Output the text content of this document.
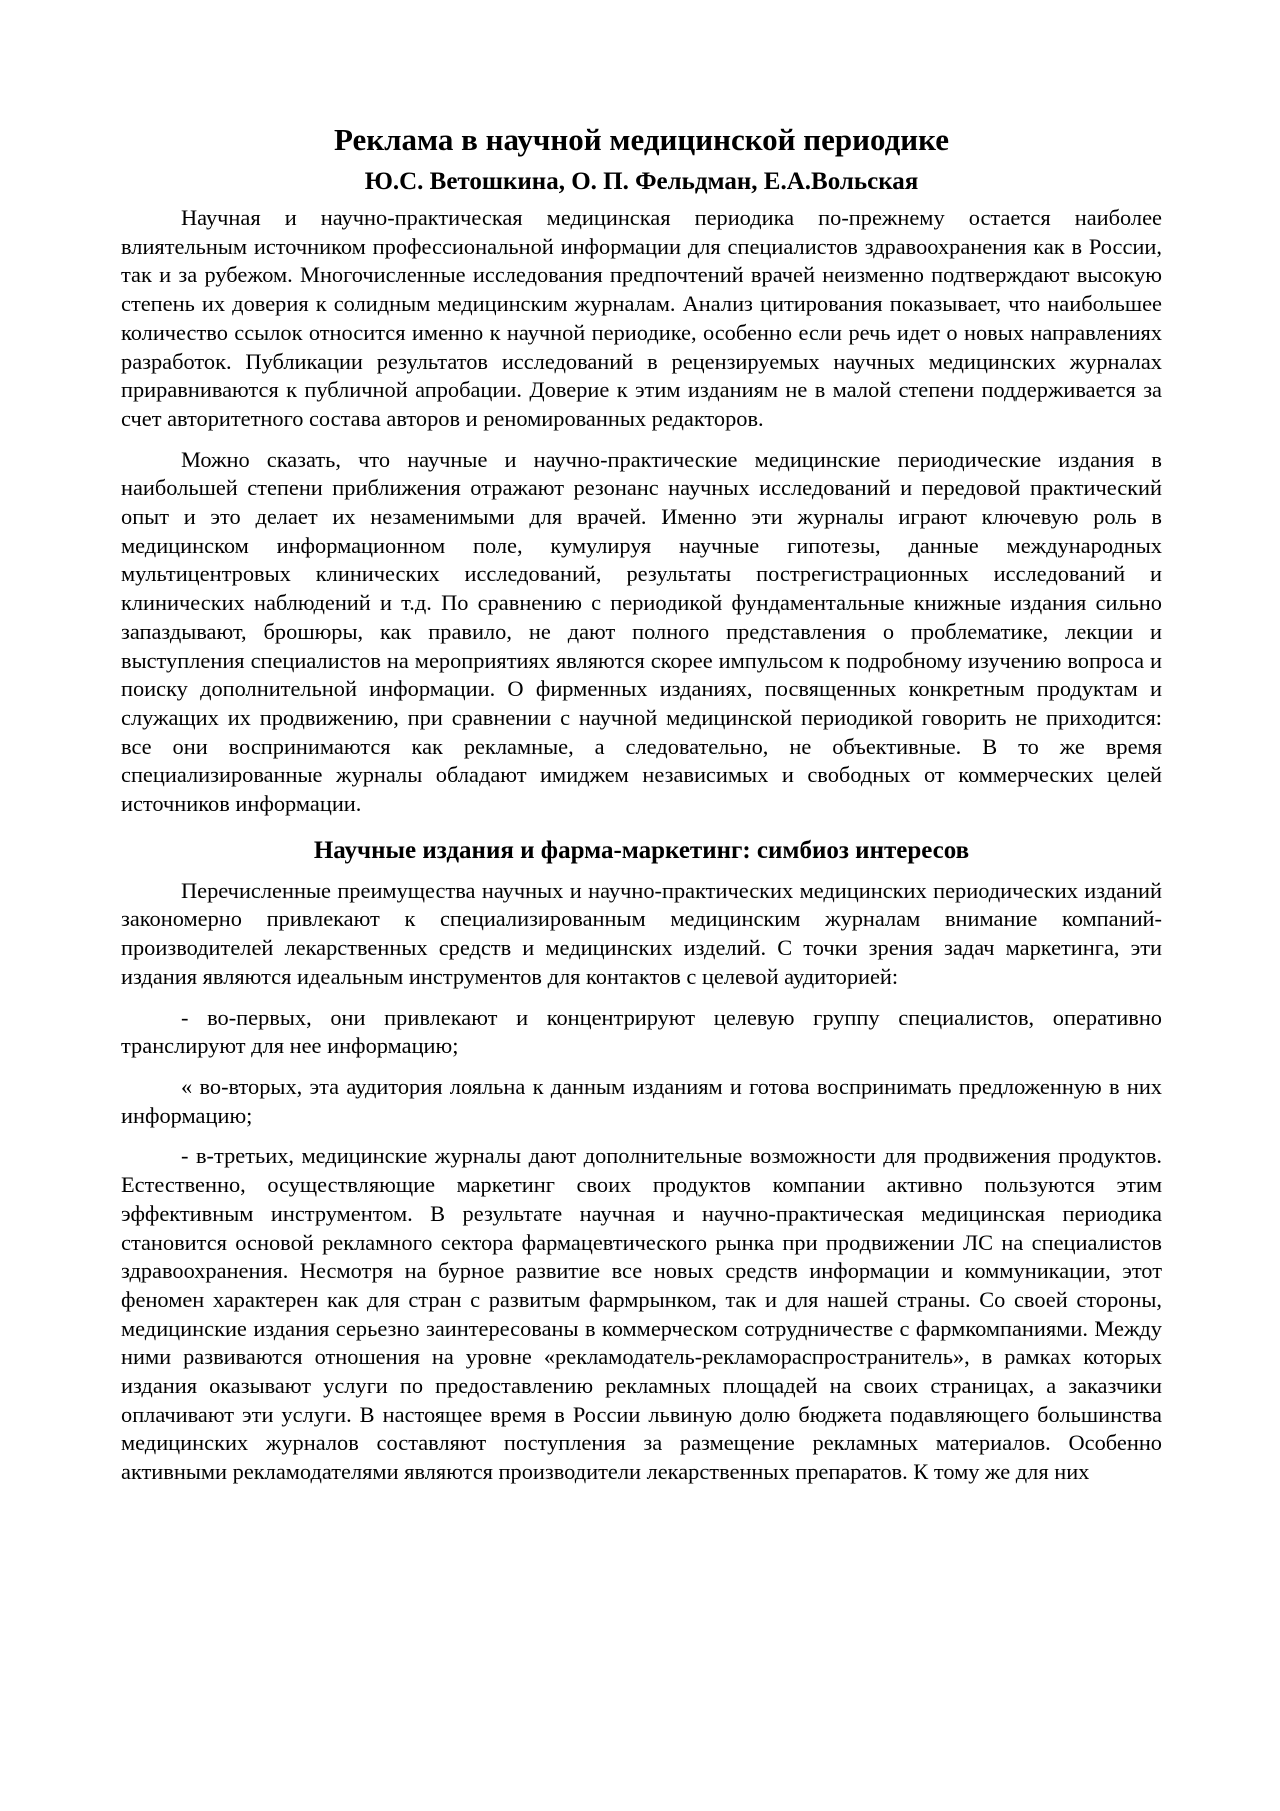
Реклама в научной медицинской периодике
Ю.С. Ветошкина, О. П. Фельдман, Е.А.Вольская

Научная и научно-практическая медицинская периодика по-прежнему остается наиболее влиятельным источником профессиональной информации для специалистов здравоохранения как в России, так и за рубежом. Многочисленные исследования предпочтений врачей неизменно подтверждают высокую степень их доверия к солидным медицинским журналам. Анализ цитирования показывает, что наибольшее количество ссылок относится именно к научной периодике, особенно если речь идет о новых направлениях разработок. Публикации результатов исследований в рецензируемых научных медицинских журналах приравниваются к публичной апробации. Доверие к этим изданиям не в малой степени поддерживается за счет авторитетного состава авторов и реномированных редакторов.

Можно сказать, что научные и научно-практические медицинские периодические издания в наибольшей степени приближения отражают резонанс научных исследований и передовой практический опыт и это делает их незаменимыми для врачей. Именно эти журналы играют ключевую роль в медицинском информационном поле, кумулируя научные гипотезы, данные международных мультицентровых клинических исследований, результаты пострегистрационных исследований и клинических наблюдений и т.д. По сравнению с периодикой фундаментальные книжные издания сильно запаздывают, брошюры, как правило, не дают полного представления о проблематике, лекции и выступления специалистов на мероприятиях являются скорее импульсом к подробному изучению вопроса и поиску дополнительной информации. О фирменных изданиях, посвященных конкретным продуктам и служащих их продвижению, при сравнении с научной медицинской периодикой говорить не приходится: все они воспринимаются как рекламные, а следовательно, не объективные. В то же время специализированные журналы обладают имиджем независимых и свободных от коммерческих целей источников информации.

Научные издания и фарма-маркетинг: симбиоз интересов

Перечисленные преимущества научных и научно-практических медицинских периодических изданий закономерно привлекают к специализированным медицинским журналам внимание компаний-производителей лекарственных средств и медицинских изделий. С точки зрения задач маркетинга, эти издания являются идеальным инструментов для контактов с целевой аудиторией:

- во-первых, они привлекают и концентрируют целевую группу специалистов, оперативно транслируют для нее информацию;

« во-вторых, эта аудитория лояльна к данным изданиям и готова воспринимать предложенную в них информацию;

- в-третьих, медицинские журналы дают дополнительные возможности для продвижения продуктов. Естественно, осуществляющие маркетинг своих продуктов компании активно пользуются этим эффективным инструментом. В результате научная и научно-практическая медицинская периодика становится основой рекламного сектора фармацевтического рынка при продвижении ЛС на специалистов здравоохранения. Несмотря на бурное развитие все новых средств информации и коммуникации, этот феномен характерен как для стран с развитым фармрынком, так и для нашей страны. Со своей стороны, медицинские издания серьезно заинтересованы в коммерческом сотрудничестве с фармкомпаниями. Между ними развиваются отношения на уровне «рекламодатель-рекламораспространитель», в рамках которых издания оказывают услуги по предоставлению рекламных площадей на своих страницах, а заказчики оплачивают эти услуги. В настоящее время в России львиную долю бюджета подавляющего большинства медицинских журналов составляют поступления за размещение рекламных материалов. Особенно активными рекламодателями являются производители лекарственных препаратов. К тому же для них
